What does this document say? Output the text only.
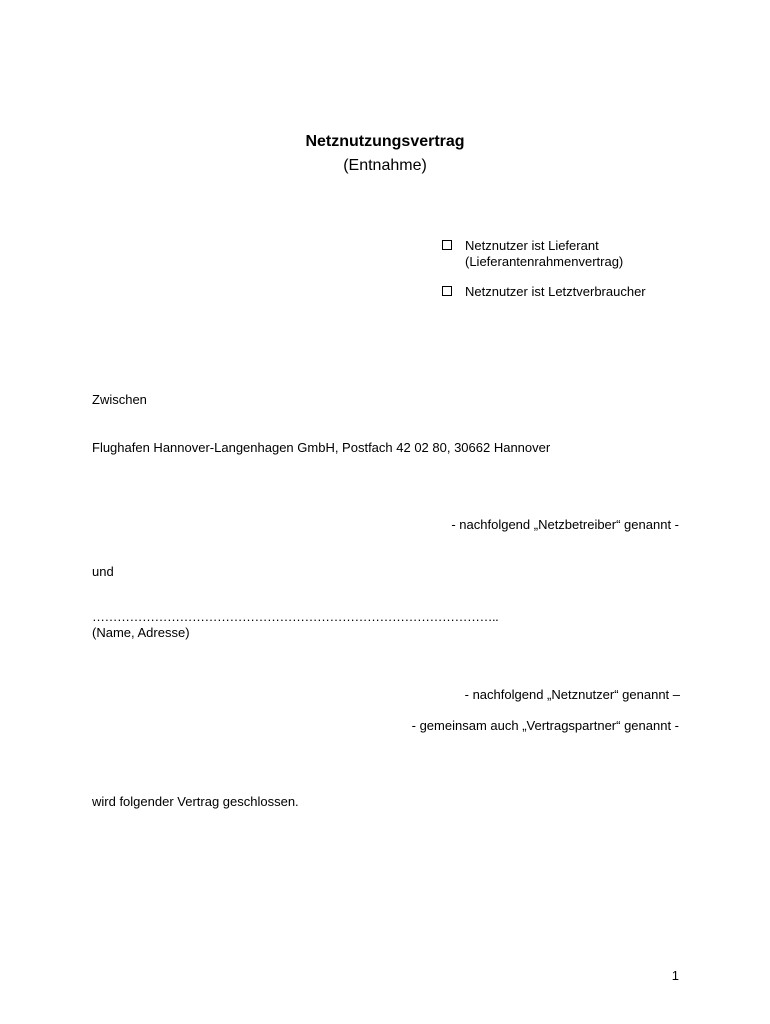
Netznutzungsvertrag
(Entnahme)
Netznutzer ist Lieferant
(Lieferantenrahmenvertrag)
Netznutzer ist Letztverbraucher
Zwischen
Flughafen Hannover-Langenhagen GmbH, Postfach 42 02 80, 30662 Hannover
- nachfolgend „Netzbetreiber“ genannt -
und
……………………………………………………………………………………..
(Name, Adresse)
- nachfolgend „Netznutzer“ genannt –
- gemeinsam auch „Vertragspartner“ genannt -
wird folgender Vertrag geschlossen.
1
